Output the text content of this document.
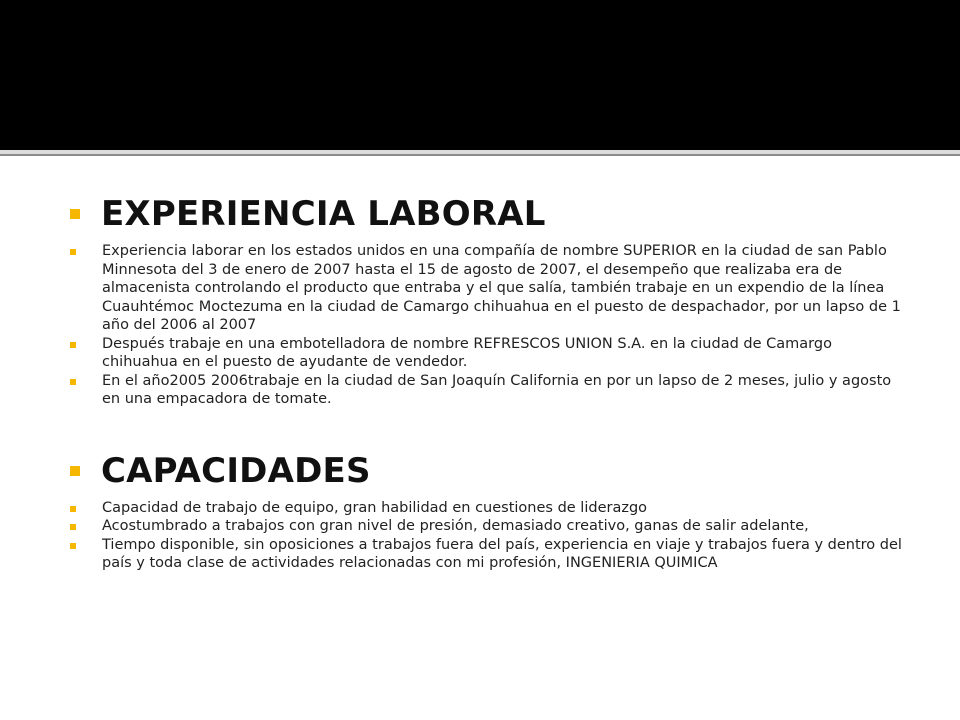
EXPERIENCIA LABORAL
Experiencia laborar en los estados unidos en una compañía de nombre SUPERIOR en la ciudad de san Pablo Minnesota del 3 de enero de 2007 hasta el 15 de agosto de 2007, el desempeño que realizaba era de almacenista controlando el producto que entraba y el que salía, también trabaje en un expendio de la línea Cuauhtémoc Moctezuma en la ciudad de Camargo chihuahua en el puesto de despachador, por un lapso de 1 año del 2006 al 2007
Después trabaje en una embotelladora de nombre REFRESCOS UNION S.A. en la ciudad de Camargo chihuahua en el puesto de ayudante de vendedor.
En el año2005 2006trabaje en la ciudad de San Joaquín California en por un lapso de 2 meses, julio y agosto en una empacadora de tomate.
CAPACIDADES
Capacidad de trabajo de equipo, gran habilidad en cuestiones de liderazgo
Acostumbrado a trabajos con gran nivel de presión, demasiado creativo, ganas de salir adelante,
Tiempo disponible, sin oposiciones a trabajos fuera del país, experiencia en viaje y trabajos fuera y dentro del país y toda clase de actividades relacionadas con mi profesión, INGENIERIA QUIMICA
